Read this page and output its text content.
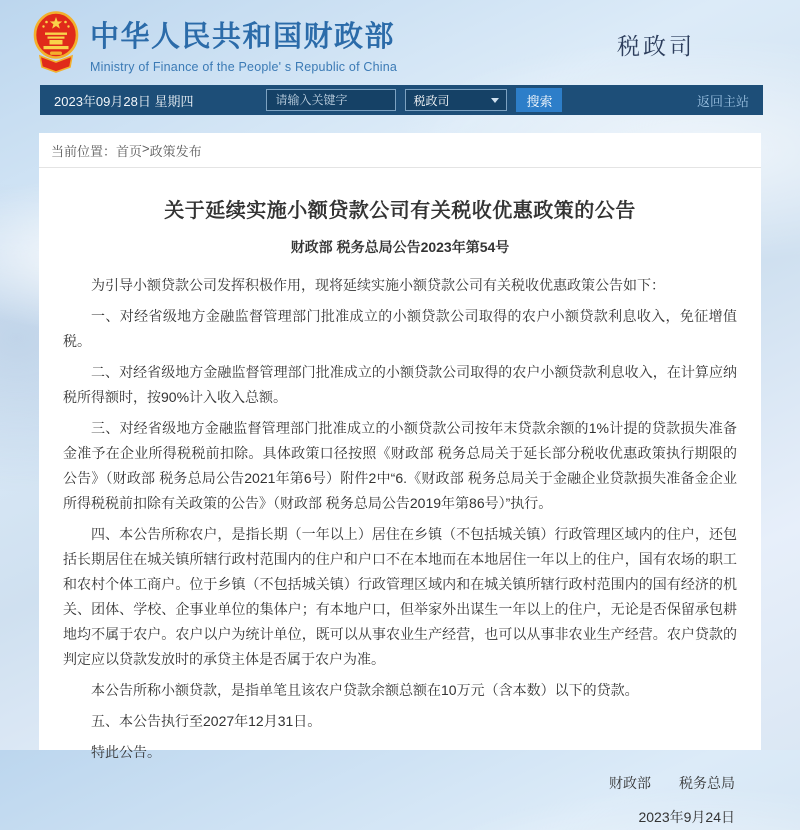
中华人民共和国财政部
Ministry of Finance of the People' s Republic of China
税政司
2023年09月28日 星期四
请输入关键字	税政司	搜索	返回主站
当前位置： 首页 > 政策发布
关于延续实施小额贷款公司有关税收优惠政策的公告
财政部 税务总局公告2023年第54号

为引导小额贷款公司发挥积极作用，现将延续实施小额贷款公司有关税收优惠政策公告如下：

一、对经省级地方金融监督管理部门批准成立的小额贷款公司取得的农户小额贷款利息收入，免征增值税。

二、对经省级地方金融监督管理部门批准成立的小额贷款公司取得的农户小额贷款利息收入，在计算应纳税所得额时，按90%计入收入总额。

三、对经省级地方金融监督管理部门批准成立的小额贷款公司按年末贷款余额的1%计提的贷款损失准备金准予在企业所得税税前扣除。具体政策口径按照《财政部 税务总局关于延长部分税收优惠政策执行期限的公告》（财政部 税务总局公告2021年第6号）附件2中“6.《财政部 税务总局关于金融企业贷款损失准备金企业所得税税前扣除有关政策的公告》（财政部 税务总局公告2019年第86号）”执行。

四、本公告所称农户，是指长期（一年以上）居住在乡镇（不包括城关镇）行政管理区域内的住户，还包括长期居住在城关镇所辖行政村范围内的住户和户口不在本地而在本地居住一年以上的住户，国有农场的职工和农村个体工商户。位于乡镇（不包括城关镇）行政管理区域内和在城关镇所辖行政村范围内的国有经济的机关、团体、学校、企事业单位的集体户；有本地户口，但举家外出谋生一年以上的住户，无论是否保留承包耕地均不属于农户。农户以户为统计单位，既可以从事农业生产经营，也可以从事非农业生产经营。农户贷款的判定应以贷款发放时的承贷主体是否属于农户为准。

本公告所称小额贷款，是指单笔且该农户贷款余额总额在10万元（含本数）以下的贷款。

五、本公告执行至2027年12月31日。

特此公告。

财政部　　税务总局
2023年9月24日
